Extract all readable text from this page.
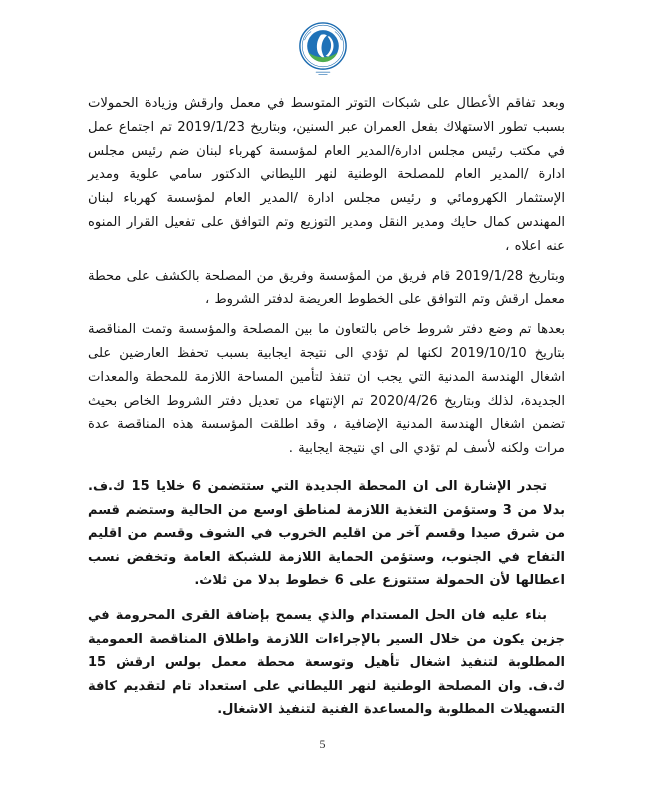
وبعد تفاقم الأعطال على شبكات التوتر المتوسط في معمل وارقش وزيادة الحمولات بسبب تطور الاستهلاك بفعل العمران عبر السنين، وبتاريخ 2019/1/23 تم اجتماع عمل في مكتب رئيس مجلس ادارة/المدير العام لمؤسسة كهرباء لبنان ضم رئيس مجلس ادارة /المدير العام للمصلحة الوطنية لنهر الليطاني الدكتور سامي علوية ومدير الإستثمار الكهرومائي و رئيس مجلس ادارة /المدير العام لمؤسسة كهرباء لبنان المهندس كمال حايك ومدير النقل ومدير التوزيع وتم التوافق على تفعيل القرار المنوه عنه اعلاه ،

وبتاريخ 2019/1/28 قام فريق من المؤسسة وفريق من المصلحة بالكشف على محطة معمل ارقش وتم التوافق على الخطوط العريضة لدفتر الشروط ،

بعدها تم وضع دفتر شروط خاص بالتعاون ما بين المصلحة والمؤسسة وتمت المناقصة بتاريخ 2019/10/10 لكنها لم تؤدي الى نتيجة ايجابية بسبب تحفظ العارضين على اشغال الهندسة المدنية التي يجب ان تنفذ لتأمين المساحة اللازمة للمحطة والمعدات الجديدة، لذلك وبتاريخ 2020/4/26 تم الإنتهاء من تعديل دفتر الشروط الخاص بحيث تضمن اشغال الهندسة المدنية الإضافية ، وقد اطلقت المؤسسة هذه المناقصة عدة مرات ولكنه لأسف لم تؤدي الى اي نتيجة ايجابية .

تجدر الإشارة الى ان المحطة الجديدة التي ستتضمن 6 خلايا 15 ك.ف. بدلا من 3 وستؤمن التغذية اللازمة لمناطق اوسع من الحالية وستضم قسم من شرق صيدا وقسم آخر من اقليم الخروب في الشوف وقسم من اقليم التفاح في الجنوب، وستؤمن الحماية اللازمة للشبكة العامة وتخفض نسب اعطالها لأن الحمولة ستتوزع على 6 خطوط بدلا من ثلاث.

بناء عليه فان الحل المستدام والذي يسمح بإضافة القرى المحرومة في جزين يكون من خلال السير بالإجراءات اللازمة واطلاق المناقصة العمومية المطلوبة لتنفيذ اشغال تأهيل وتوسعة محطة معمل بولس ارقش 15 ك.ف. وان المصلحة الوطنية لنهر الليطاني على استعداد تام لتقديم كافة التسهيلات المطلوبة والمساعدة الفنية لتنفيذ الاشغال.

5
